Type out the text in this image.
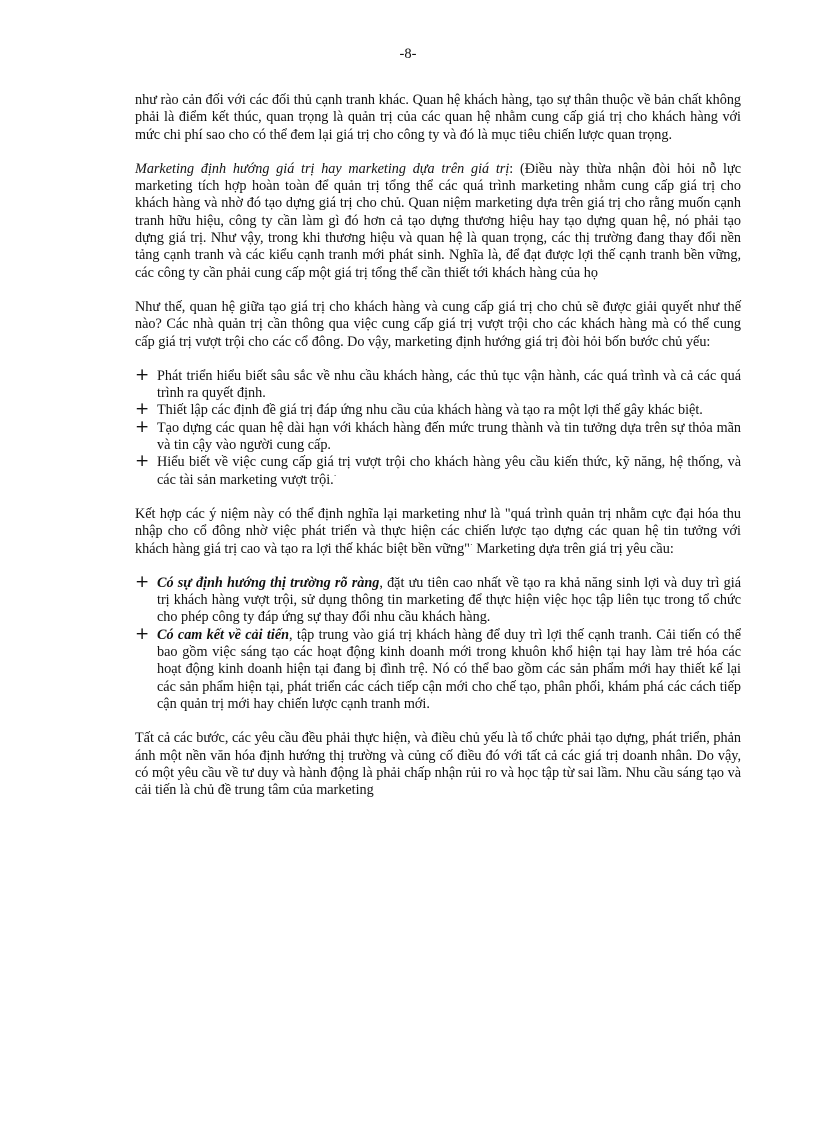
-8-

như rào cản đối với các đối thủ cạnh tranh khác. Quan hệ khách hàng, tạo sự thân thuộc về bản chất không phải là điểm kết thúc, quan trọng là quản trị của các quan hệ nhằm cung cấp giá trị cho khách hàng với mức chi phí sao cho có thể đem lại giá trị cho công ty và đó là mục tiêu chiến lược quan trọng.

Marketing định hướng giá trị hay marketing dựa trên giá trị: (Điều này thừa nhận đòi hỏi nỗ lực marketing tích hợp hoàn toàn để quản trị tổng thể các quá trình marketing nhằm cung cấp giá trị cho khách hàng và nhờ đó tạo dựng giá trị cho chủ. Quan niệm marketing dựa trên giá trị cho rằng muốn cạnh tranh hữu hiệu, công ty cần làm gì đó hơn cả tạo dựng thương hiệu hay tạo dựng quan hệ, nó phải tạo dựng giá trị. Như vậy, trong khi thương hiệu và quan hệ là quan trọng, các thị trường đang thay đổi nền tảng cạnh tranh và các kiểu cạnh tranh mới phát sinh. Nghĩa là, để đạt được lợi thế cạnh tranh bền vững, các công ty cần phải cung cấp một giá trị tổng thể cần thiết tới khách hàng của họ

Như thế, quan hệ giữa tạo giá trị cho khách hàng và cung cấp giá trị cho chủ sẽ được giải quyết như thế nào? Các nhà quản trị cần thông qua việc cung cấp giá trị vượt trội cho các khách hàng mà có thể cung cấp giá trị vượt trội cho các cổ đông. Do vậy, marketing định hướng giá trị đòi hỏi bốn bước chủ yếu:

+ Phát triển hiểu biết sâu sắc về nhu cầu khách hàng, các thủ tục vận hành, các quá trình và cả các quá trình ra quyết định.
+ Thiết lập các định đề giá trị đáp ứng nhu cầu của khách hàng và tạo ra một lợi thế gây khác biệt.
+ Tạo dựng các quan hệ dài hạn với khách hàng đến mức trung thành và tin tưởng dựa trên sự thỏa mãn và tin cậy vào người cung cấp.
+ Hiểu biết về việc cung cấp giá trị vượt trội cho khách hàng yêu cầu kiến thức, kỹ năng, hệ thống, và các tài sản marketing vượt trội.·

Kết hợp các ý niệm này có thể định nghĩa lại marketing như là "quá trình quản trị nhằm cực đại hóa thu nhập cho cổ đông nhờ việc phát triển và thực hiện các chiến lược tạo dựng các quan hệ tin tưởng với khách hàng giá trị cao và tạo ra lợi thế khác biệt bền vững"· Marketing dựa trên giá trị yêu cầu:

+ Có sự định hướng thị trường rõ ràng, đặt ưu tiên cao nhất về tạo ra khả năng sinh lợi và duy trì giá trị khách hàng vượt trội, sử dụng thông tin marketing để thực hiện việc học tập liên tục trong tổ chức cho phép công ty đáp ứng sự thay đổi nhu cầu khách hàng.
+ Có cam kết về cải tiến, tập trung vào giá trị khách hàng để duy trì lợi thế cạnh tranh. Cải tiến có thể bao gồm việc sáng tạo các hoạt động kinh doanh mới trong khuôn khổ hiện tại hay làm trẻ hóa các hoạt động kinh doanh hiện tại đang bị đình trệ. Nó có thể bao gồm các sản phẩm mới hay thiết kế lại các sản phẩm hiện tại, phát triển các cách tiếp cận mới cho chế tạo, phân phối, khám phá các cách tiếp cận quản trị mới hay chiến lược cạnh tranh mới.

Tất cả các bước, các yêu cầu đều phải thực hiện, và điều chủ yếu là tổ chức phải tạo dựng, phát triển, phản ánh một nền văn hóa định hướng thị trường và củng cố điều đó với tất cả các giá trị doanh nhân. Do vậy, có một yêu cầu về tư duy và hành động là phải chấp nhận rủi ro và học tập từ sai lầm. Nhu cầu sáng tạo và cải tiến là chủ đề trung tâm của marketing
